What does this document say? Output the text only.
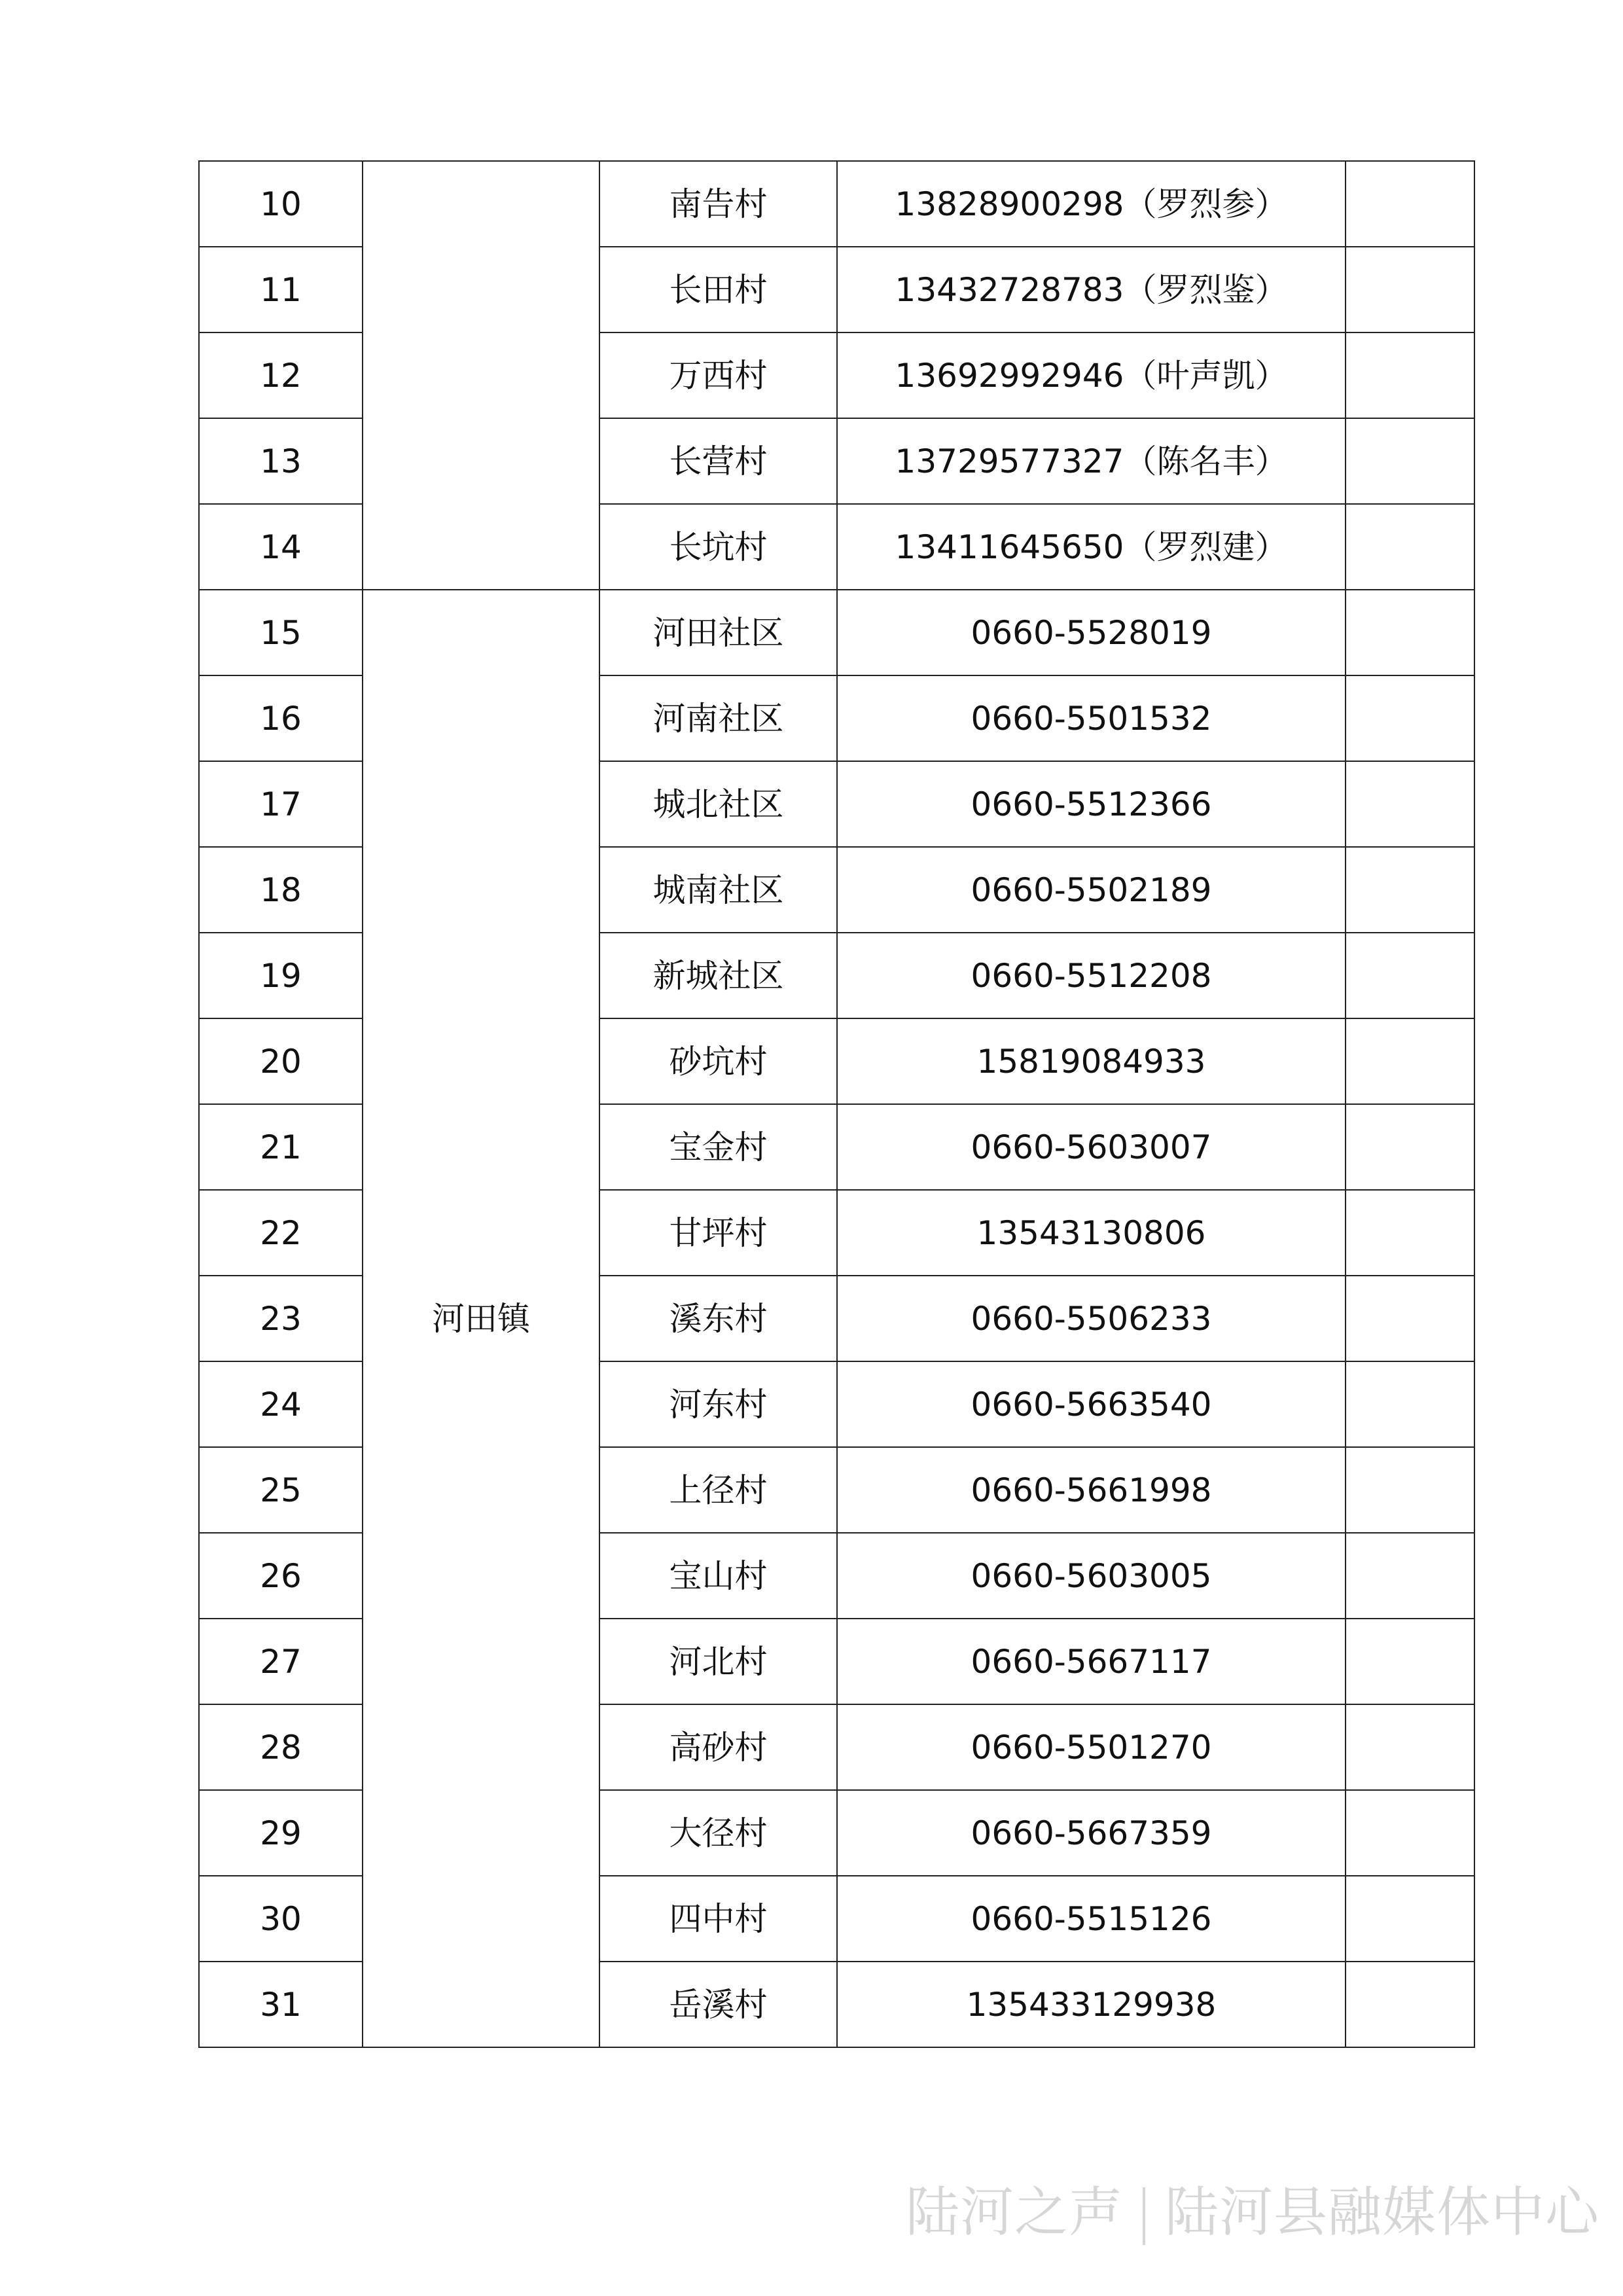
10		南告村	13828900298（罗烈参）	
11		长田村	13432728783（罗烈鉴）	
12		万西村	13692992946（叶声凯）	
13		长营村	13729577327（陈名丰）	
14		长坑村	13411645650（罗烈建）	
15	河田镇	河田社区	0660-5528019	
16		河南社区	0660-5501532	
17		城北社区	0660-5512366	
18		城南社区	0660-5502189	
19		新城社区	0660-5512208	
20		砂坑村	15819084933	
21		宝金村	0660-5603007	
22		甘坪村	13543130806	
23		溪东村	0660-5506233	
24		河东村	0660-5663540	
25		上径村	0660-5661998	
26		宝山村	0660-5603005	
27		河北村	0660-5667117	
28		高砂村	0660-5501270	
29		大径村	0660-5667359	
30		四中村	0660-5515126	
31		岳溪村	135433129938	
陆河之声 陆河县融媒体中心
